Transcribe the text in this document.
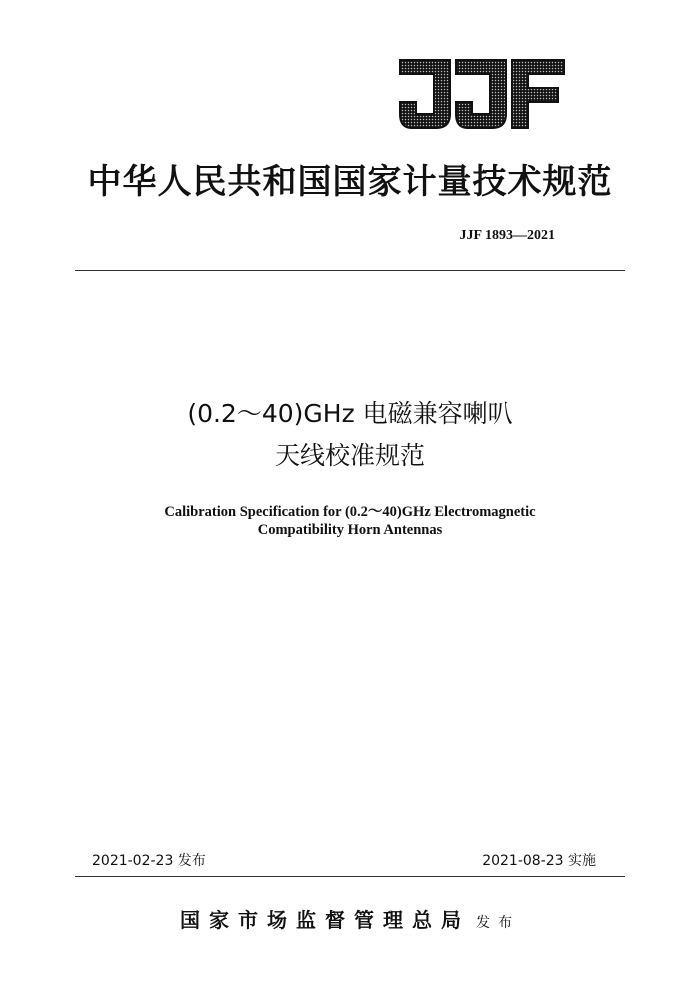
中华人民共和国国家计量技术规范
JJF 1893—2021
(0.2～40)GHz 电磁兼容喇叭
天线校准规范
Calibration Specification for (0.2～40)GHz Electromagnetic
Compatibility Horn Antennas
2021-02-23 发布	2021-08-23 实施
国家市场监督管理总局 发布
